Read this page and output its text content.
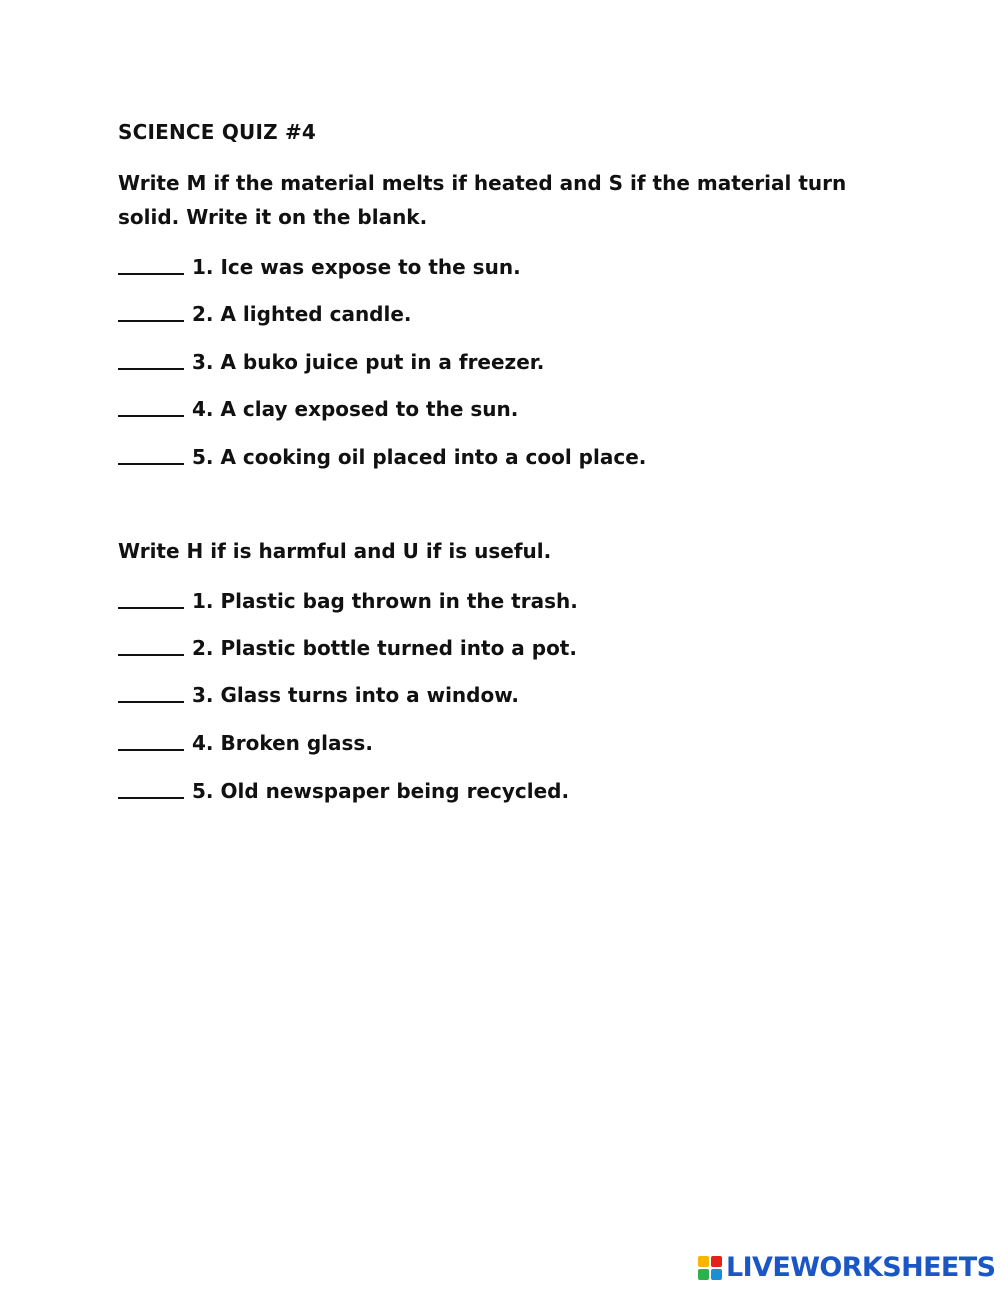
SCIENCE QUIZ #4
Write M if the material melts if heated and S if the material turn solid. Write it on the blank.
1. Ice was expose to the sun.
2. A lighted candle.
3. A buko juice put in a freezer.
4. A clay exposed to the sun.
5. A cooking oil placed into a cool place.
Write H if is harmful and U if is useful.
1. Plastic bag thrown in the trash.
2. Plastic bottle turned into a pot.
3. Glass turns into a window.
4. Broken glass.
5. Old newspaper being recycled.
LIVEWORKSHEETS
